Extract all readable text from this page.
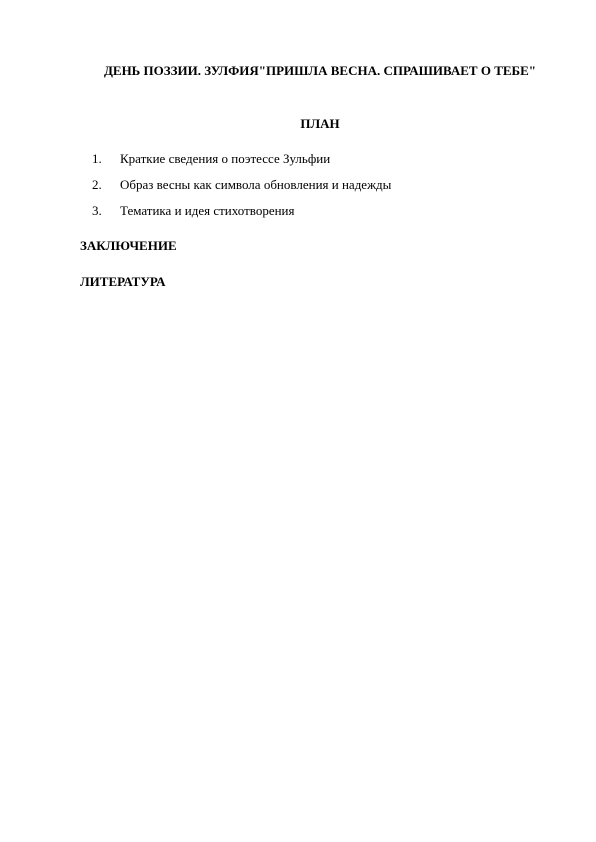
ДЕНЬ ПОЗЗИИ. ЗУЛФИЯ"ПРИШЛА ВЕСНА. СПРАШИВАЕТ О ТЕБЕ"
ПЛАН
1.	Краткие сведения о поэтессе Зульфии
2.	Образ весны как символа обновления и надежды
3.	Тематика и идея стихотворения

ЗАКЛЮЧЕНИЕ

ЛИТЕРАТУРА
